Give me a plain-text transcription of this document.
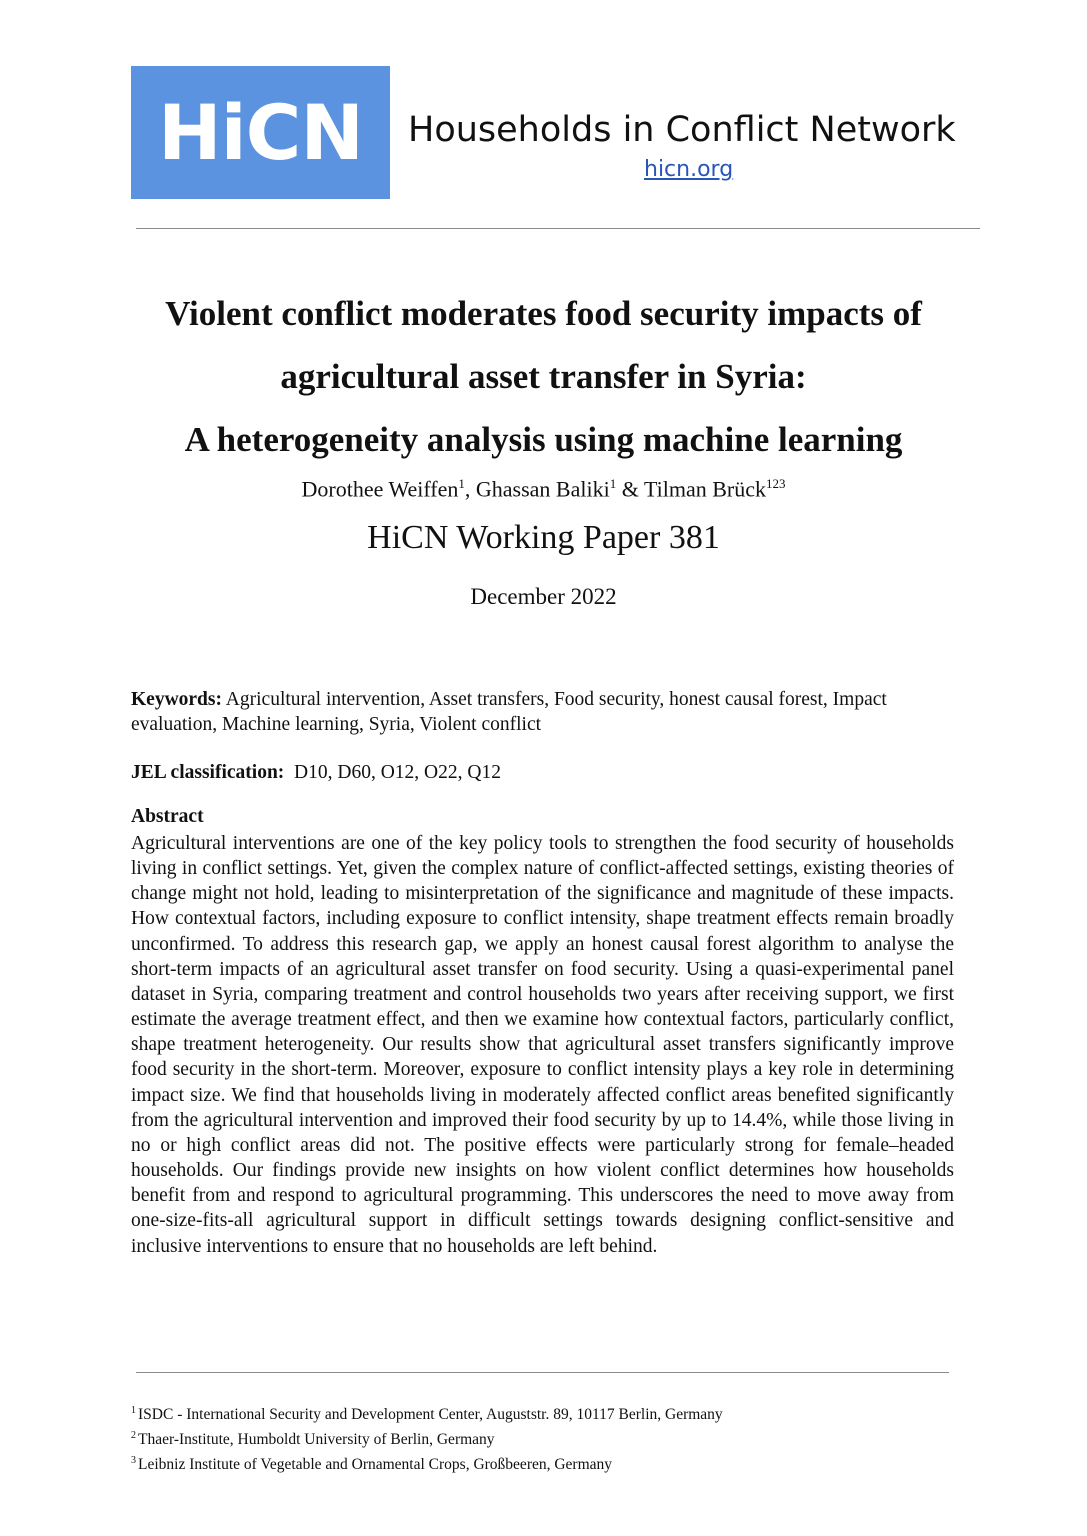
HiCN Households in Conflict Network
hicn.org
Violent conflict moderates food security impacts of
agricultural asset transfer in Syria:
A heterogeneity analysis using machine learning
Dorothee Weiffen$^1$, Ghassan Baliki$^1$ & Tilman Brück$^{123}$
HiCN Working Paper 381
December 2022
Keywords: Agricultural intervention, Asset transfers, Food security, honest causal forest, Impact evaluation, Machine learning, Syria, Violent conflict
JEL classification:  D10, D60, O12, O22, Q12
Abstract
Agricultural interventions are one of the key policy tools to strengthen the food security of households living in conflict settings. Yet, given the complex nature of conflict-affected settings, existing theories of change might not hold, leading to misinterpretation of the significance and magnitude of these impacts. How contextual factors, including exposure to conflict intensity, shape treatment effects remain broadly unconfirmed. To address this research gap, we apply an honest causal forest algorithm to analyse the short-term impacts of an agricultural asset transfer on food security. Using a quasi-experimental panel dataset in Syria, comparing treatment and control households two years after receiving support, we first estimate the average treatment effect, and then we examine how contextual factors, particularly conflict, shape treatment heterogeneity. Our results show that agricultural asset transfers significantly improve food security in the short-term. Moreover, exposure to conflict intensity plays a key role in determining impact size. We find that households living in moderately affected conflict areas benefited significantly from the agricultural intervention and improved their food security by up to 14.4%, while those living in no or high conflict areas did not. The positive effects were particularly strong for female–headed households. Our findings provide new insights on how violent conflict determines how households benefit from and respond to agricultural programming. This underscores the need to move away from one-size-fits-all agricultural support in difficult settings towards designing conflict-sensitive and inclusive interventions to ensure that no households are left behind.
$^1$ ISDC - International Security and Development Center, Auguststr. 89, 10117 Berlin, Germany
$^2$ Thaer-Institute, Humboldt University of Berlin, Germany
$^3$ Leibniz Institute of Vegetable and Ornamental Crops, Großbeeren, Germany
